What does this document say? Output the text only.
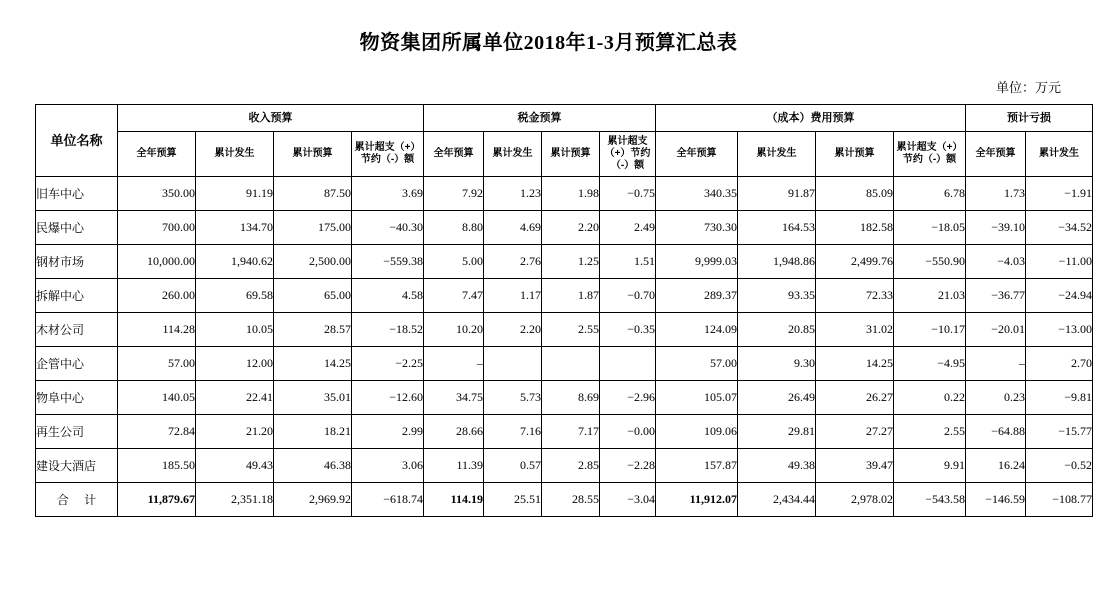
物资集团所属单位2018年1-3月预算汇总表
单位：万元
单位名称	收入预算				税金预算				（成本）费用预算				预计亏损	
	全年预算	累计发生	累计预算	累计超支（+）节约（-）额	全年预算	累计发生	累计预算	累计超支（+）节约（-）额	全年预算	累计发生	累计预算	累计超支（+）节约（-）额	全年预算	累计发生
旧车中心	350.00	91.19	87.50	3.69	7.92	1.23	1.98	−0.75	340.35	91.87	85.09	6.78	1.73	−1.91
民爆中心	700.00	134.70	175.00	−40.30	8.80	4.69	2.20	2.49	730.30	164.53	182.58	−18.05	−39.10	−34.52
钢材市场	10,000.00	1,940.62	2,500.00	−559.38	5.00	2.76	1.25	1.51	9,999.03	1,948.86	2,499.76	−550.90	−4.03	−11.00
拆解中心	260.00	69.58	65.00	4.58	7.47	1.17	1.87	−0.70	289.37	93.35	72.33	21.03	−36.77	−24.94
木材公司	114.28	10.05	28.57	−18.52	10.20	2.20	2.55	−0.35	124.09	20.85	31.02	−10.17	−20.01	−13.00
企管中心	57.00	12.00	14.25	−2.25	–				57.00	9.30	14.25	−4.95	–	2.70
物阜中心	140.05	22.41	35.01	−12.60	34.75	5.73	8.69	−2.96	105.07	26.49	26.27	0.22	0.23	−9.81
再生公司	72.84	21.20	18.21	2.99	28.66	7.16	7.17	−0.00	109.06	29.81	27.27	2.55	−64.88	−15.77
建设大酒店	185.50	49.43	46.38	3.06	11.39	0.57	2.85	−2.28	157.87	49.38	39.47	9.91	16.24	−0.52
合 计	11,879.67	2,351.18	2,969.92	−618.74	114.19	25.51	28.55	−3.04	11,912.07	2,434.44	2,978.02	−543.58	−146.59	−108.77
